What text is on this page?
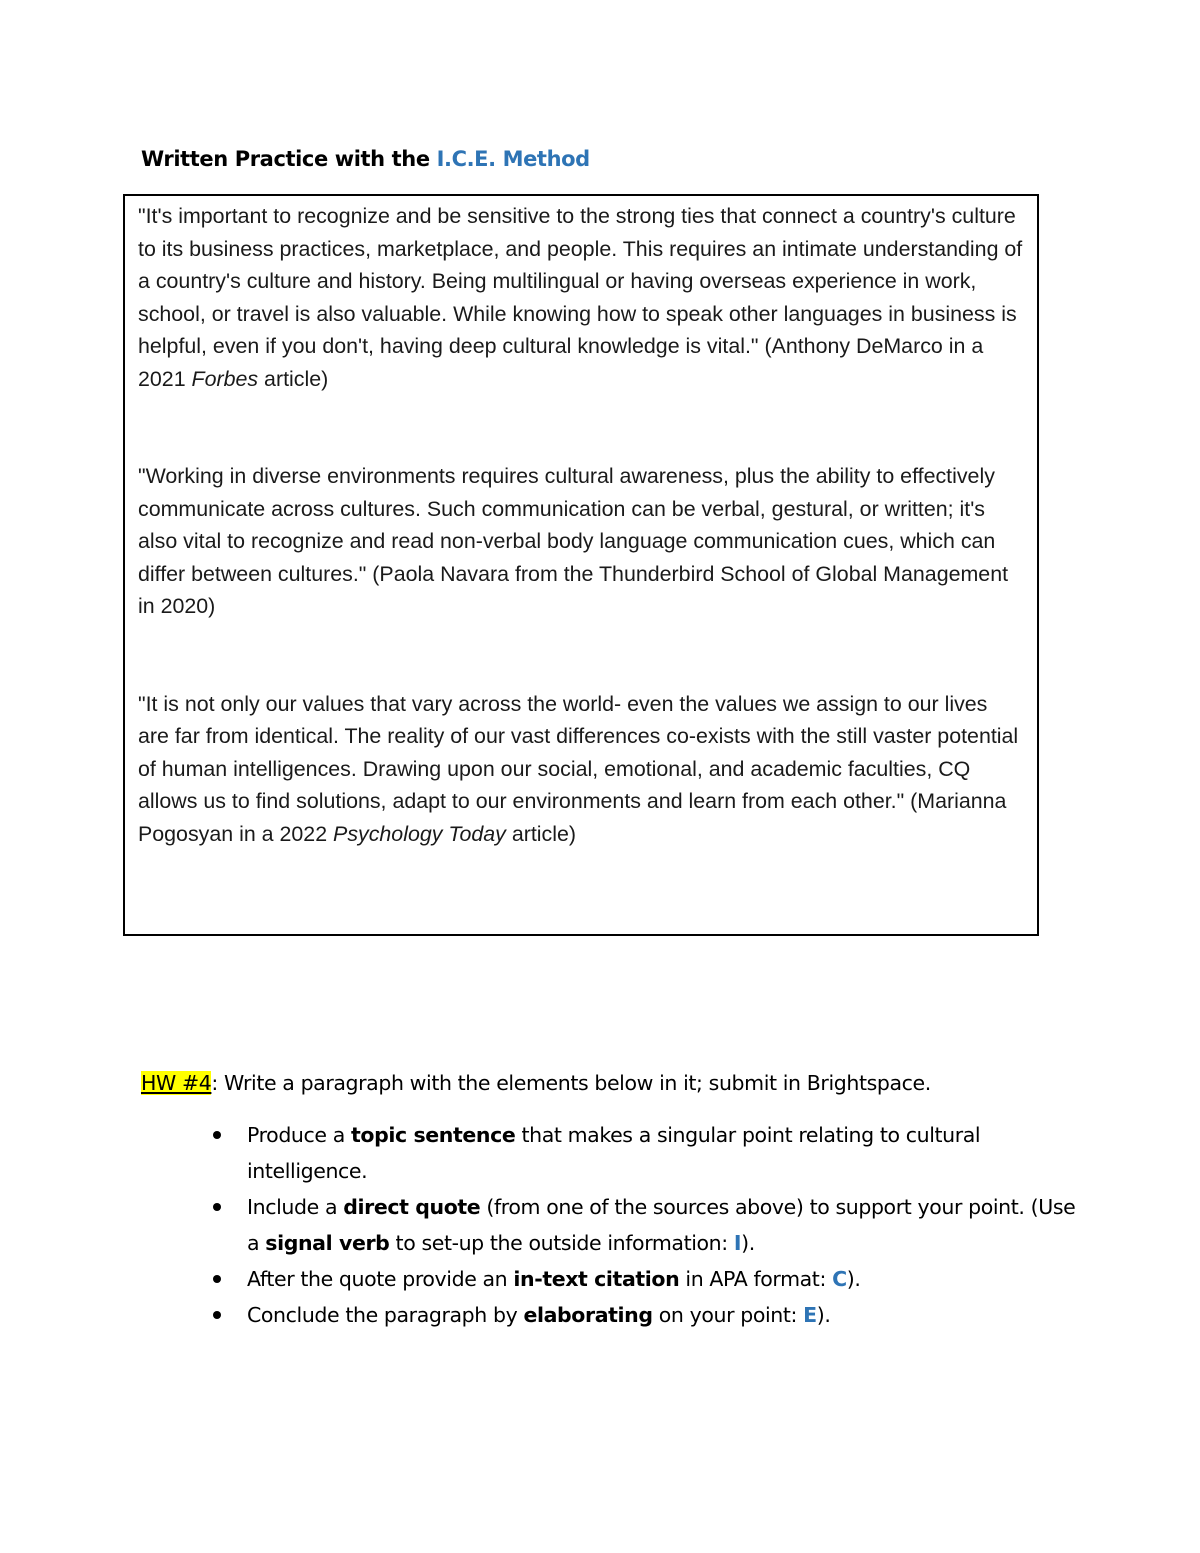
Written Practice with the I.C.E. Method

"It's important to recognize and be sensitive to the strong ties that connect a country's culture to its business practices, marketplace, and people. This requires an intimate understanding of a country's culture and history. Being multilingual or having overseas experience in work, school, or travel is also valuable. While knowing how to speak other languages in business is helpful, even if you don't, having deep cultural knowledge is vital." (Anthony DeMarco in a 2021 Forbes article)

"Working in diverse environments requires cultural awareness, plus the ability to effectively communicate across cultures. Such communication can be verbal, gestural, or written; it's also vital to recognize and read non-verbal body language communication cues, which can differ between cultures." (Paola Navara from the Thunderbird School of Global Management in 2020)

"It is not only our values that vary across the world- even the values we assign to our lives are far from identical. The reality of our vast differences co-exists with the still vaster potential of human intelligences. Drawing upon our social, emotional, and academic faculties, CQ allows us to find solutions, adapt to our environments and learn from each other." (Marianna Pogosyan in a 2022 Psychology Today article)

HW #4: Write a paragraph with the elements below in it; submit in Brightspace.

Produce a topic sentence that makes a singular point relating to cultural intelligence.
Include a direct quote (from one of the sources above) to support your point. (Use a signal verb to set-up the outside information: I).
After the quote provide an in-text citation in APA format: C).
Conclude the paragraph by elaborating on your point: E).
